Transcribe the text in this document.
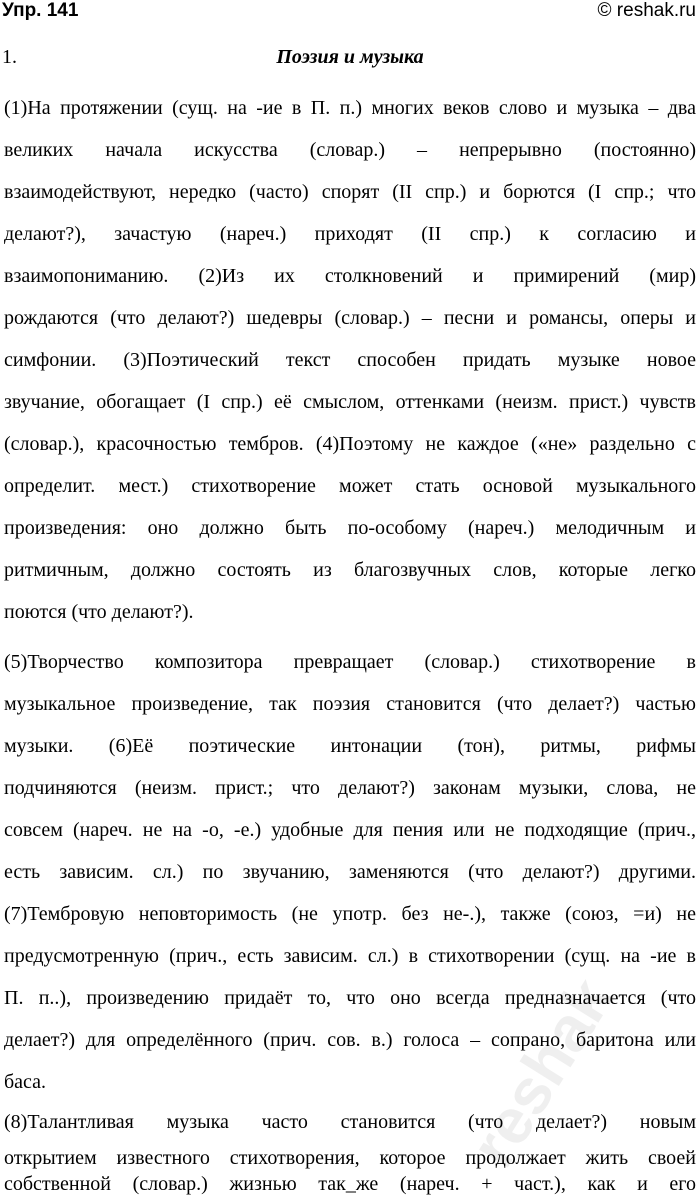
Упр. 141	© reshak.ru
1.	Поэзия и музыка
(1)На протяжении (сущ. на -ие в П. п.) многих веков слово и музыка – два
великих начала искусства (словар.) – непрерывно (постоянно)
взаимодействуют, нередко (часто) спорят (II спр.) и борются (I спр.; что
делают?), зачастую (нареч.) приходят (II спр.) к согласию и
взаимопониманию. (2)Из их столкновений и примирений (мир)
рождаются (что делают?) шедевры (словар.) – песни и романсы, оперы и
симфонии. (3)Поэтический текст способен придать музыке новое
звучание, обогащает (I спр.) её смыслом, оттенками (неизм. прист.) чувств
(словар.), красочностью тембров. (4)Поэтому не каждое («не» раздельно с
определит. мест.) стихотворение может стать основой музыкального
произведения: оно должно быть по-особому (нареч.) мелодичным и
ритмичным, должно состоять из благозвучных слов, которые легко
поются (что делают?).
(5)Творчество композитора превращает (словар.) стихотворение в
музыкальное произведение, так поэзия становится (что делает?) частью
музыки. (6)Её поэтические интонации (тон), ритмы, рифмы
подчиняются (неизм. прист.; что делают?) законам музыки, слова, не
совсем (нареч. не на -о, -е.) удобные для пения или не подходящие (прич.,
есть зависим. сл.) по звучанию, заменяются (что делают?) другими.
(7)Тембровую неповторимость (не употр. без не-.), также (союз, =и) не
предусмотренную (прич., есть зависим. сл.) в стихотворении (сущ. на -ие в
П. п..), произведению придаёт то, что оно всегда предназначается (что
делает?) для определённого (прич. сов. в.) голоса – сопрано, баритона или
баса.
(8)Талантливая музыка часто становится (что делает?) новым
открытием известного стихотворения, которое продолжает жить своей
собственной (словар.) жизнью так_же (нареч. + част.), как и его
reshak
